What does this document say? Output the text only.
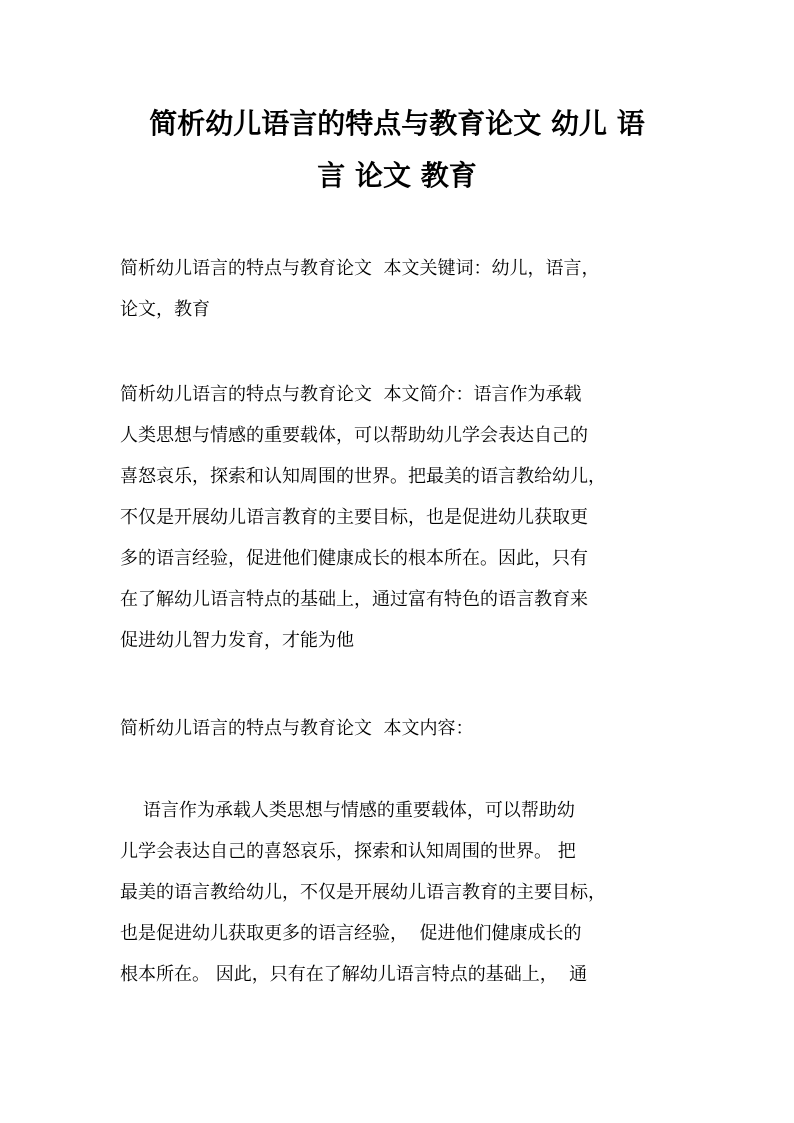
简析幼儿语言的特点与教育论文 幼儿 语
言 论文 教育

简析幼儿语言的特点与教育论文  本文关键词：幼儿，语言，
论文，教育

简析幼儿语言的特点与教育论文  本文简介：语言作为承载
人类思想与情感的重要载体，可以帮助幼儿学会表达自己的
喜怒哀乐，探索和认知周围的世界。把最美的语言教给幼儿，
不仅是开展幼儿语言教育的主要目标，也是促进幼儿获取更
多的语言经验，促进他们健康成长的根本所在。因此，只有
在了解幼儿语言特点的基础上，通过富有特色的语言教育来
促进幼儿智力发育，才能为他

简析幼儿语言的特点与教育论文  本文内容：

语言作为承载人类思想与情感的重要载体，可以帮助幼
儿学会表达自己的喜怒哀乐，探索和认知周围的世界。 把
最美的语言教给幼儿，不仅是开展幼儿语言教育的主要目标，
也是促进幼儿获取更多的语言经验，  促进他们健康成长的
根本所在。 因此，只有在了解幼儿语言特点的基础上，  通
